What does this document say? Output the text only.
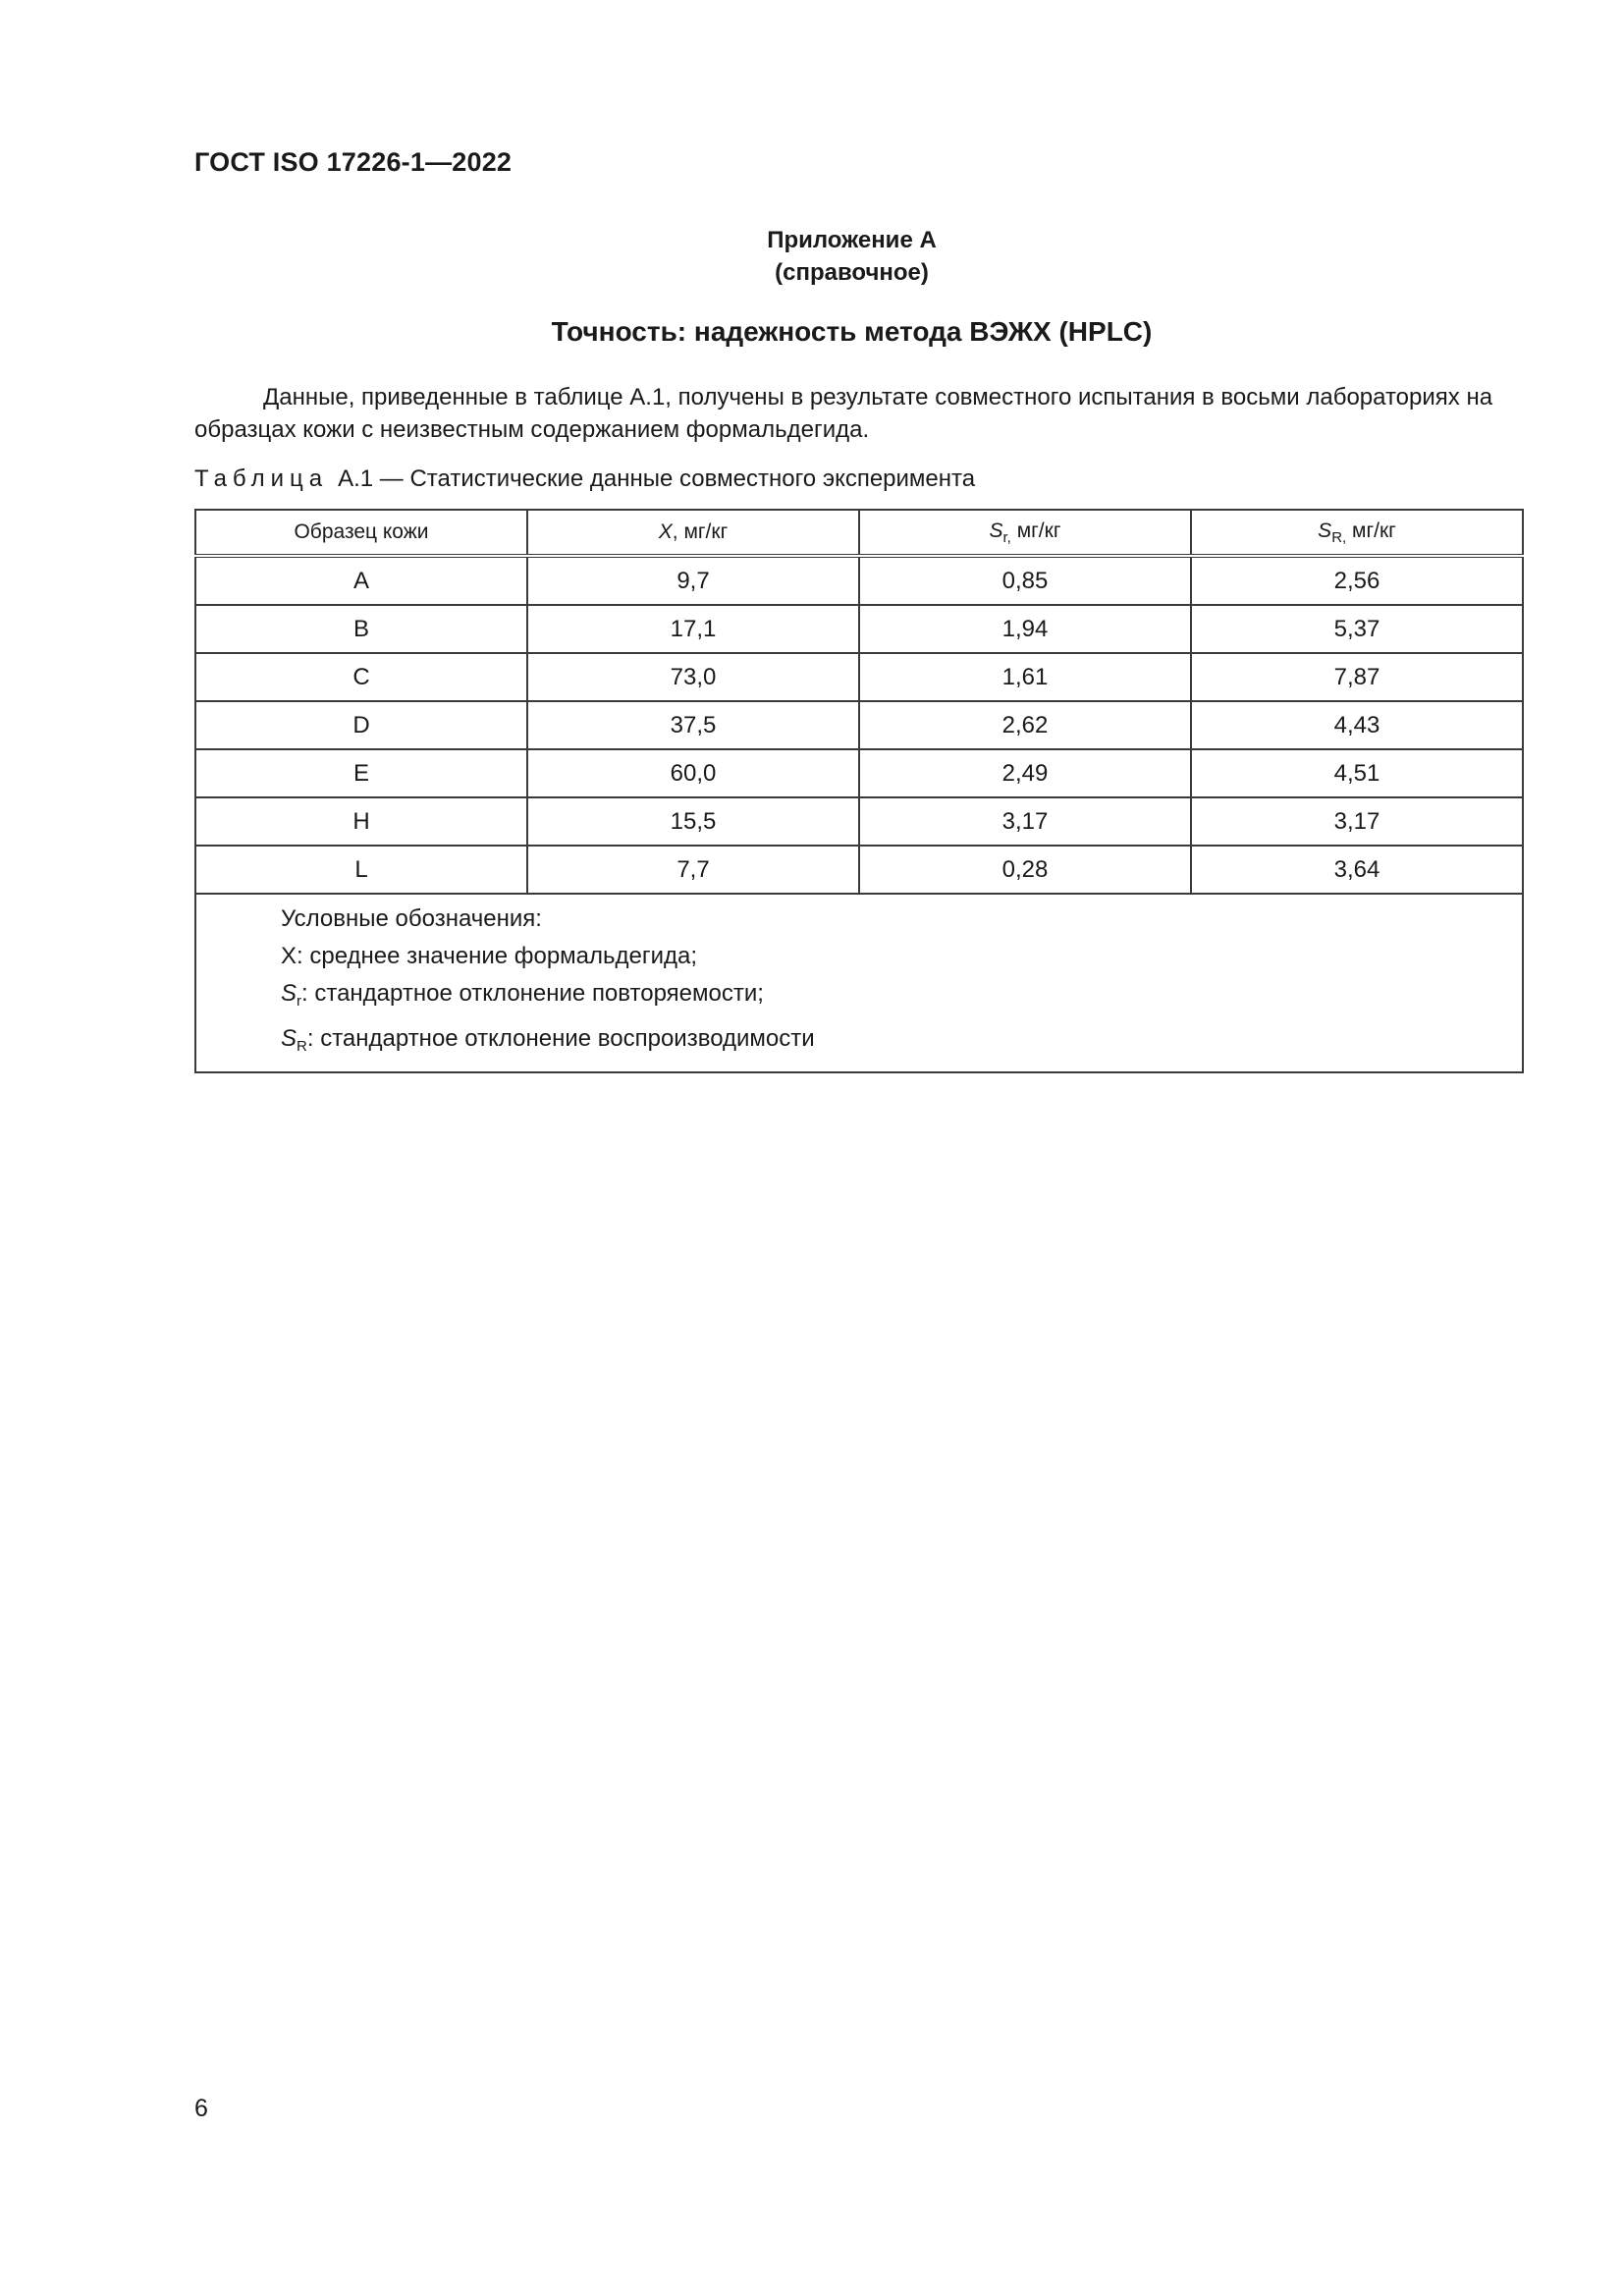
ГОСТ ISO 17226-1—2022
Приложение А
(справочное)
Точность: надежность метода ВЭЖХ (HPLC)
Данные, приведенные в таблице А.1, получены в результате совместного испытания в восьми лабораториях на образцах кожи с неизвестным содержанием формальдегида.
Таблица А.1 — Статистические данные совместного эксперимента
Образец кожи	X, мг/кг	$S_{r,}$ мг/кг	$S_{R,}$ мг/кг
A	9,7	0,85	2,56
B	17,1	1,94	5,37
C	73,0	1,61	7,87
D	37,5	2,62	4,43
E	60,0	2,49	4,51
H	15,5	3,17	3,17
L	7,7	0,28	3,64

Условные обозначения:
X: среднее значение формальдегида;
$S_r$: стандартное отклонение повторяемости;
$S_R$: стандартное отклонение воспроизводимости			
6
